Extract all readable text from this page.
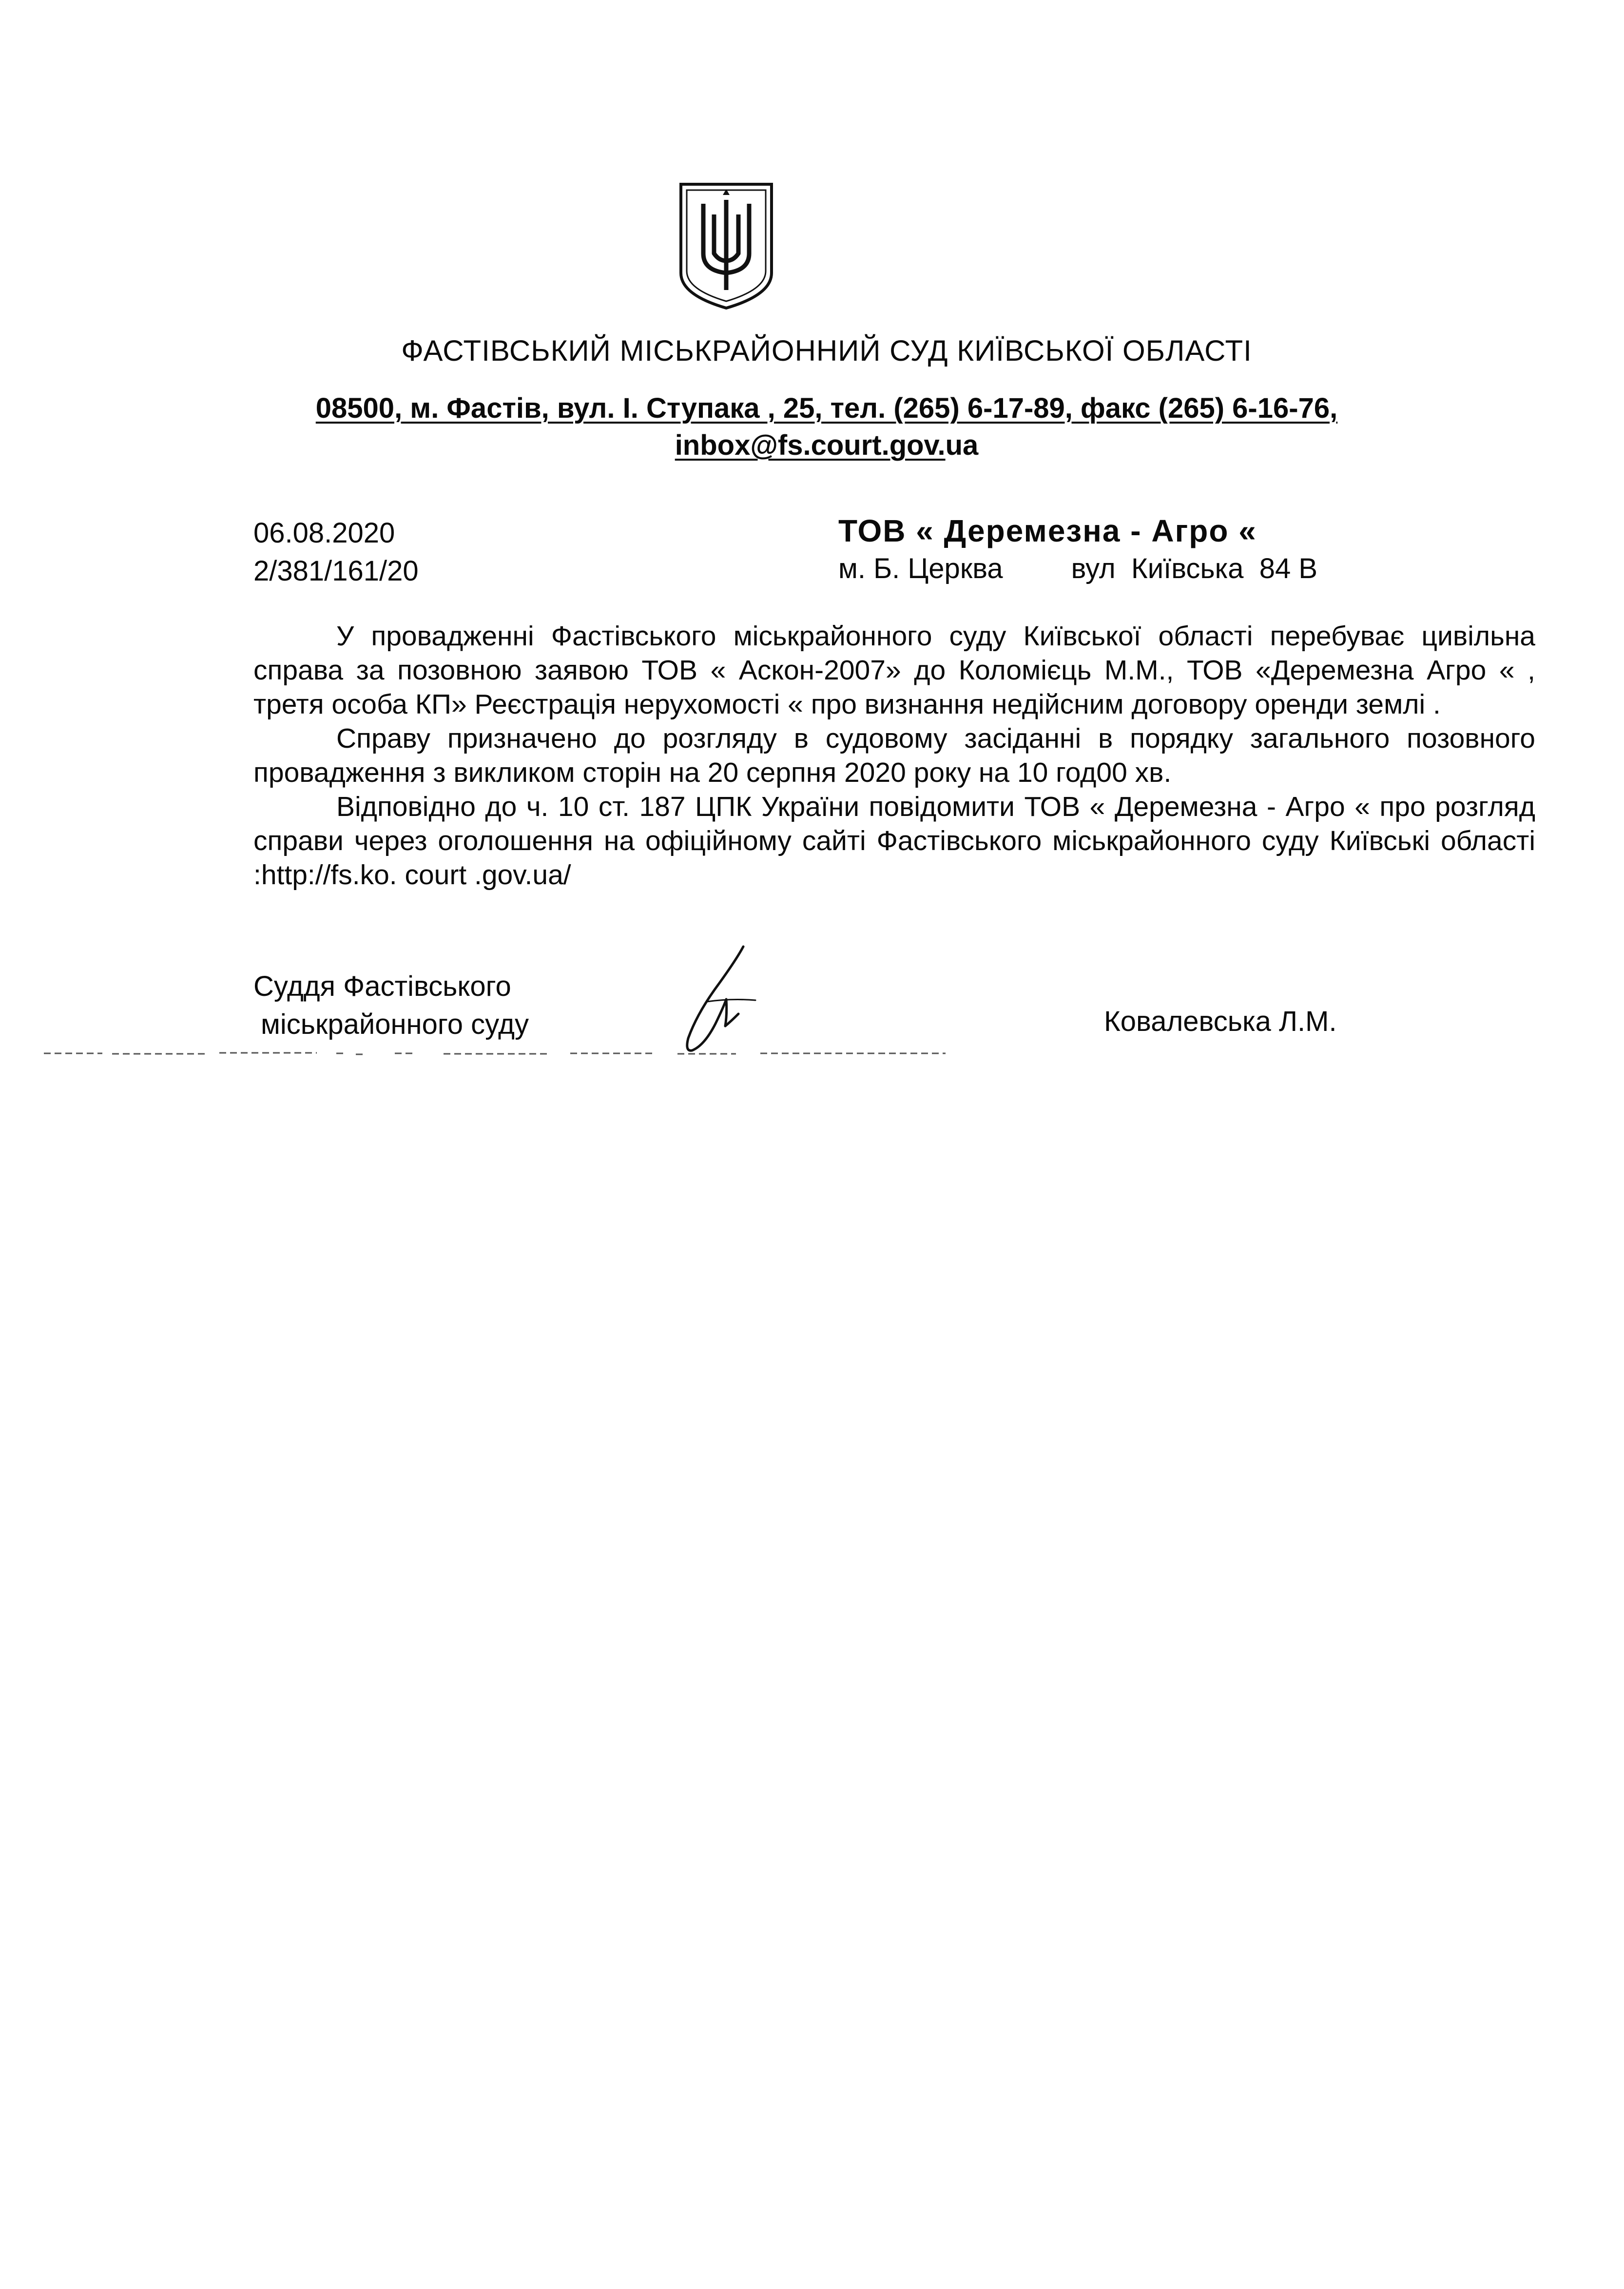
ФАСТІВСЬКИЙ МІСЬКРАЙОННИЙ СУД КИЇВСЬКОЇ ОБЛАСТІ
08500, м. Фастів, вул. І. Ступака , 25, тел. (265) 6-17-89, факс (265) 6-16-76,
inbox@fs.court.gov.ua
06.08.2020
2/381/161/20
ТОВ « Деремезна - Агро «
м. Б. Церква вул  Київська  84 В

У провадженні Фастівського міськрайонного суду Київської області перебуває цивільна справа за позовною заявою ТОВ « Аскон-2007» до Коломієць М.М., ТОВ «Деремезна Агро « , третя особа КП» Реєстрація нерухомості « про визнання недійсним договору оренди землі .

Справу призначено до розгляду в судовому засіданні в порядку загального позовного провадження з викликом сторін на 20 серпня 2020 року на 10 год00 хв.

Відповідно до ч. 10 ст. 187 ЦПК України повідомити ТОВ « Деремезна - Агро « про розгляд справи через оголошення на офіційному сайті Фастівського міськрайонного суду Київські області :http://fs.ko. court .gov.ua/

Суддя Фастівського
міськрайонного суду	Ковалевська Л.М.
